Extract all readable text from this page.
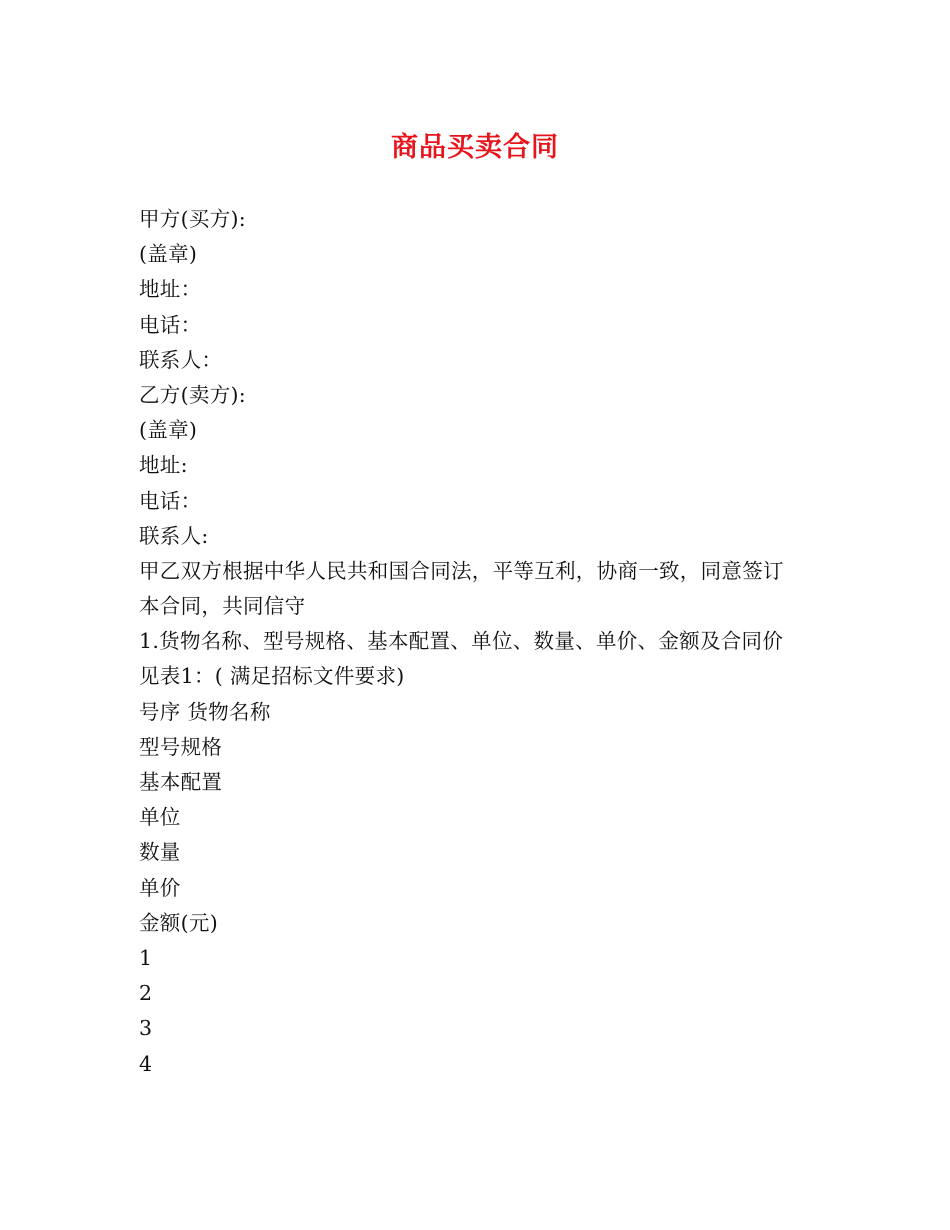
商品买卖合同
甲方(买方):
(盖章)
地址：
电话：
联系人：
乙方(卖方):
(盖章)
地址:
电话：
联系人:
甲乙双方根据中华人民共和国合同法，平等互利，协商一致，同意签订
本合同，共同信守
1.货物名称、型号规格、基本配置、单位、数量、单价、金额及合同价
见表1：( 满足招标文件要求)
号序 货物名称
型号规格
基本配置
单位
数量
单价
金额(元)
1
2
3
4
